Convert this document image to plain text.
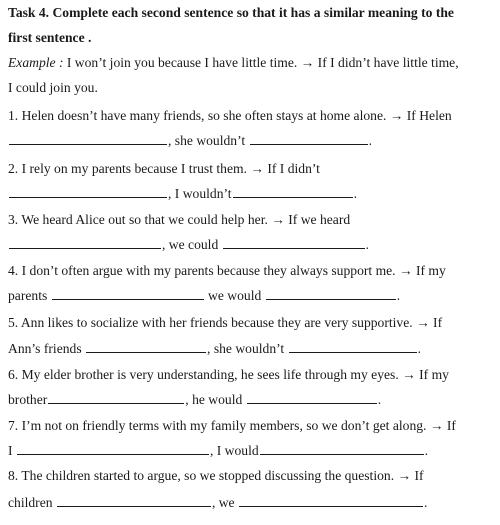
Task 4. Complete each second sentence so that it has a similar meaning to the
first sentence .
Example : I won’t join you because I have little time. → If I didn’t have little time,
I could join you.
1. Helen doesn’t have many friends, so she often stays at home alone. → If Helen
, she wouldn’t	.
2. I rely on my parents because I trust them. → If I didn’t
, I wouldn’t	.
3. We heard Alice out so that we could help her. → If we heard
, we could	.
4. I don’t often argue with my parents because they always support me. → If my
parents	we would	.
5. Ann likes to socialize with her friends because they are very supportive. → If
Ann’s friends	, she wouldn’t	.
6. My elder brother is very understanding, he sees life through my eyes. → If my
brother	, he would	.
7. I’m not on friendly terms with my family members, so we don’t get along. → If
I	, I would	.
8. The children started to argue, so we stopped discussing the question. → If
children	, we	.
